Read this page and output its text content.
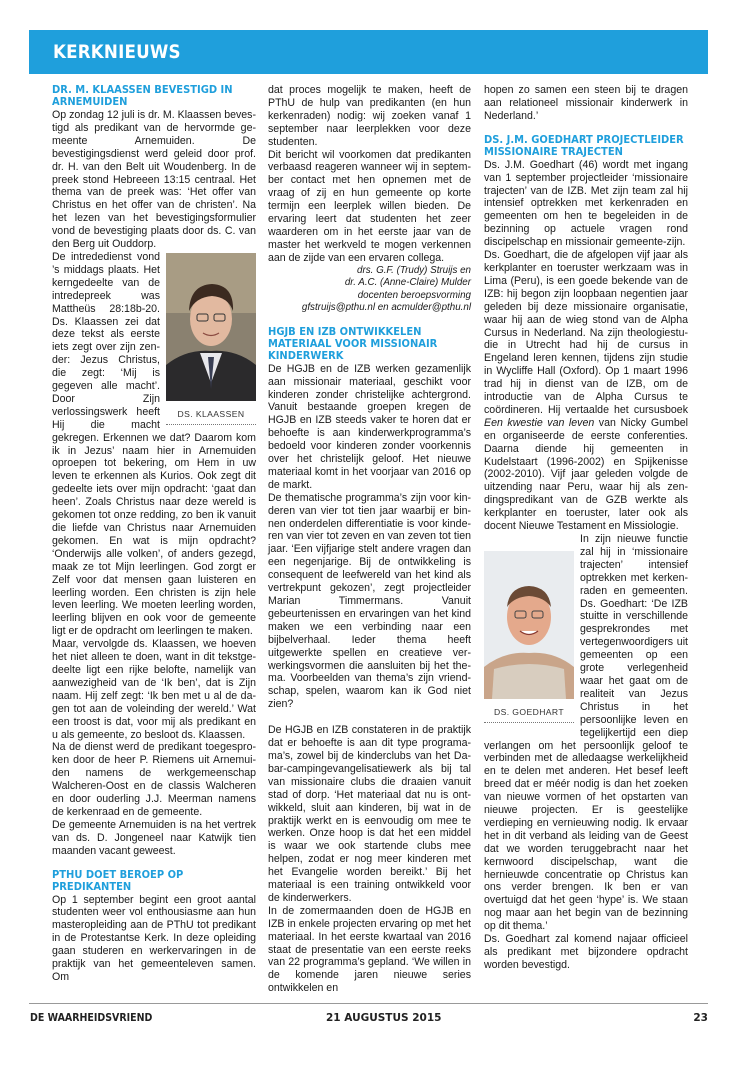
KERKNIEUWS
DR. M. KLAASSEN BEVESTIGD IN ARNEMUIDEN

Op zondag 12 juli is dr. M. Klaassen bevestigd als predikant van de hervormde gemeente Arnemuiden. De bevestigingsdienst werd geleid door prof. dr. H. van den Belt uit Woudenberg. In de preek stond Hebreeen 13:15 centraal. Het thema van de preek was: ‘Het offer van Christus en het offer van de christen’. Na het lezen van het bevestigingsformulier vond de bevestiging plaats door ds. C. van den Berg uit Ouddorp.

DS. KLAASSEN

De intrededienst vond ’s middags plaats. Het kerngedeelte van de intredepreek was Mattheüs 28:18b-20. Ds. Klaassen zei dat deze tekst als eerste iets zegt over zijn zender: Jezus Christus, die zegt: ‘Mij is gegeven alle macht’. Door Zijn verlossingswerk heeft Hij die macht gekregen. Erkennen we dat? Daarom kom ik in Jezus’ naam hier in Arnemuiden oproepen tot bekering, om Hem in uw leven te erkennen als Kurios. Ook zegt dit gedeelte iets over mijn opdracht: ‘gaat dan heen’. Zoals Christus naar deze wereld is gekomen tot onze redding, zo ben ik vanuit die liefde van Christus naar Arnemuiden gekomen. En wat is mijn opdracht? ‘Onderwijs alle volken’, of anders gezegd, maak ze tot Mijn leerlingen. God zorgt er Zelf voor dat mensen gaan luisteren en leerling worden. Een christen is zijn hele leven leerling. We moeten leerling worden, leerling blijven en ook voor de gemeente ligt er de opdracht om leerlingen te maken.

Maar, vervolgde ds. Klaassen, we hoeven het niet alleen te doen, want in dit tekstgedeelte ligt een rijke belofte, namelijk van aanwezigheid van de ‘Ik ben’, dat is Zijn naam. Hij zelf zegt: ‘Ik ben met u al de dagen tot aan de voleinding der wereld.’ Wat een troost is dat, voor mij als predikant en u als gemeente, zo besloot ds. Klaassen.

Na de dienst werd de predikant toegesproken door de heer P. Riemens uit Arnemuiden namens de werkgemeenschap Walcheren-Oost en de classis Walcheren en door ouderling J.J. Meerman namens de kerkenraad en de gemeente.

De gemeente Arnemuiden is na het vertrek van ds. D. Jongeneel naar Katwijk tien maanden vacant geweest.

PTHU DOET BEROEP OP PREDIKANTEN

Op 1 september begint een groot aantal studenten weer vol enthousiasme aan hun masteropleiding aan de PThU tot predikant in de Protestantse Kerk. In deze opleiding gaan studeren en werkervaringen in de praktijk van het gemeenteleven samen. Om

dat proces mogelijk te maken, heeft de PThU de hulp van predikanten (en hun kerkenraden) nodig: wij zoeken vanaf 1 september naar leerplekken voor deze studenten.

Dit bericht wil voorkomen dat predikanten verbaasd reageren wanneer wij in september contact met hen opnemen met de vraag of zij en hun gemeente op korte termijn een leerplek willen bieden. De ervaring leert dat studenten het zeer waarderen om in het eerste jaar van de master het werkveld te mogen verkennen aan de zijde van een ervaren collega.

drs. G.F. (Trudy) Struijs en

dr. A.C. (Anne-Claire) Mulder

docenten beroepsvorming

gfstruijs@pthu.nl en acmulder@pthu.nl

HGJB EN IZB ONTWIKKELEN MATERIAAL VOOR MISSIONAIR KINDERWERK

De HGJB en de IZB werken gezamenlijk aan missionair materiaal, geschikt voor kinderen zonder christelijke achtergrond. Vanuit bestaande groepen kregen de HGJB en IZB steeds vaker te horen dat er behoefte is aan kinderwerkprogramma’s bedoeld voor kinderen zonder voorkennis over het christelijk geloof. Het nieuwe materiaal komt in het voorjaar van 2016 op de markt.

De thematische programma’s zijn voor kinderen van vier tot tien jaar waarbij er binnen onderdelen differentiatie is voor kinderen van vier tot zeven en van zeven tot tien jaar. ‘Een vijfjarige stelt andere vragen dan een negenjarige. Bij de ontwikkeling is consequent de leefwereld van het kind als vertrekpunt gekozen’, zegt projectleider Marian Timmermans. Vanuit gebeurtenissen en ervaringen van het kind maken we een verbinding naar een bijbelverhaal. Ieder thema heeft uitgewerkte spellen en creatieve verwerkingsvormen die aansluiten bij het thema. Voorbeelden van thema’s zijn vriendschap, spelen, waarom kan ik God niet zien?

De HGJB en IZB constateren in de praktijk dat er behoefte is aan dit type programama’s, zowel bij de kinderclubs van het Dabar-campingevangelisatiewerk als bij tal van missionaire clubs die draaien vanuit stad of dorp. ‘Het materiaal dat nu is ontwikkeld, sluit aan kinderen, bij wat in de praktijk werkt en is eenvoudig om mee te werken. Onze hoop is dat het een middel is waar we ook startende clubs mee helpen, zodat er nog meer kinderen met het Evangelie worden bereikt.’ Bij het materiaal is een training ontwikkeld voor de kinderwerkers.

In de zomermaanden doen de HGJB en IZB in enkele projecten ervaring op met het materiaal. In het eerste kwartaal van 2016 staat de presentatie van een eerste reeks van 22 programma’s gepland. ‘We willen in de komende jaren nieuwe series ontwikkelen en

hopen zo samen een steen bij te dragen aan relationeel missionair kinderwerk in Nederland.’

DS. J.M. GOEDHART PROJECTLEIDER MISSIONAIRE TRAJECTEN

Ds. J.M. Goedhart (46) wordt met ingang van 1 september projectleider ‘missionaire trajecten’ van de IZB. Met zijn team zal hij intensief optrekken met kerkenraden en gemeenten om hen te begeleiden in de bezinning op actuele vragen rond discipelschap en missionair gemeente-zijn.

Ds. Goedhart, die de afgelopen vijf jaar als kerkplanter en toeruster werkzaam was in Lima (Peru), is een goede bekende van de IZB: hij begon zijn loopbaan negentien jaar geleden bij deze missionaire organisatie, waar hij aan de wieg stond van de Alpha Cursus in Nederland. Na zijn theologiestudie in Utrecht had hij de cursus in Engeland leren kennen, tijdens zijn studie in Wycliffe Hall (Oxford). Op 1 maart 1996 trad hij in dienst van de IZB, om de introductie van de Alpha Cursus te coördineren. Hij vertaalde het cursusboek Een kwestie van leven van Nicky Gumbel en organiseerde de eerste conferenties. Daarna diende hij gemeenten in Kudelstaart (1996-2002) en Spijkenisse (2002-2010). Vijf jaar geleden volgde de uitzending naar Peru, waar hij als zendingspredikant van de GZB werkte als kerkplanter en toeruster, later ook als docent Nieuwe Testament en Missiologie.

DS. GOEDHART

In zijn nieuwe functie zal hij in ‘missionaire trajecten’ intensief optrekken met kerkenraden en gemeenten. Ds. Goedhart: ‘De IZB stuitte in verschillende gesprekrondes met vertegenwoordigers uit gemeenten op een grote verlegenheid waar het gaat om de realiteit van Jezus Christus in het persoonlijke leven en tegelijkertijd een diep verlangen om het persoonlijk geloof te verbinden met de alledaagse werkelijkheid en te delen met anderen. Het besef leeft breed dat er méér nodig is dan het zoeken van nieuwe vormen of het opstarten van nieuwe projecten. Er is geestelijke verdieping en vernieuwing nodig. Ik ervaar het in dit verband als leiding van de Geest dat we worden teruggebracht naar het kernwoord discipelschap, want die hernieuwde concentratie op Christus kan ons verder brengen. Ik ben er van overtuigd dat het geen ‘hype’ is. We staan nog maar aan het begin van de bezinning op dit thema.’

Ds. Goedhart zal komend najaar officieel als predikant met bijzondere opdracht worden bevestigd.

DE WAARHEIDSVRIEND	21 AUGUSTUS 2015	23
